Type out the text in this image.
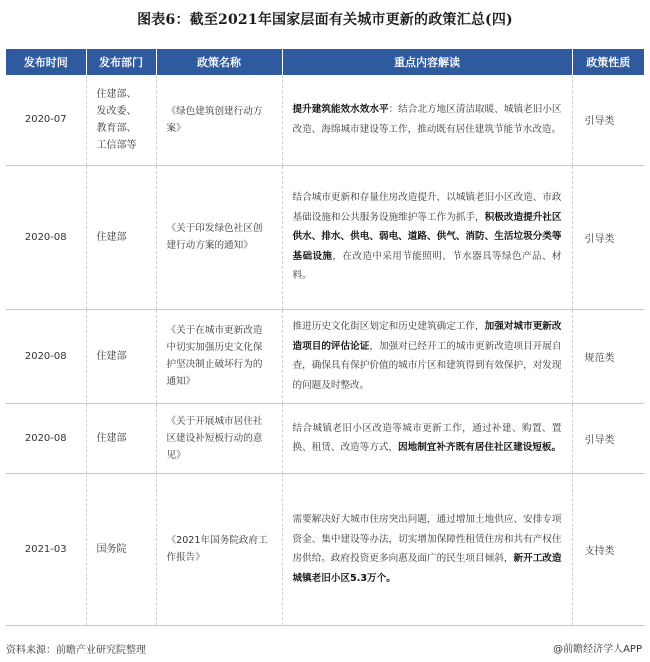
图表6：截至2021年国家层面有关城市更新的政策汇总(四)
发布时间	发布部门	政策名称	重点内容解读	政策性质
2020-07	住建部、
发改委、
教育部、
工信部等	《绿色建筑创建行动方案》	提升建筑能效水效水平：结合北方地区清洁取暖、城镇老旧小区改造、海绵城市建设等工作，推动既有居住建筑节能节水改造。	引导类
2020-08	住建部	《关于印发绿色社区创建行动方案的通知》	结合城市更新和存量住房改造提升，以城镇老旧小区改造、市政基础设施和公共服务设施维护等工作为抓手，积极改造提升社区供水、排水、供电、弱电、道路、供气、消防、生活垃圾分类等基础设施，在改造中采用节能照明、节水器具等绿色产品、材料。	引导类
2020-08	住建部	《关于在城市更新改造中切实加强历史文化保护坚决制止破坏行为的通知》	推进历史文化街区划定和历史建筑确定工作，加强对城市更新改造项目的评估论证，加强对已经开工的城市更新改造项目开展自查，确保具有保护价值的城市片区和建筑得到有效保护，对发现的问题及时整改。	规范类
2020-08	住建部	《关于开展城市居住社区建设补短板行动的意见》	结合城镇老旧小区改造等城市更新工作，通过补建、购置、置换、租赁、改造等方式，因地制宜补齐既有居住社区建设短板。	引导类
2021-03	国务院	《2021年国务院政府工作报告》	需要解决好大城市住房突出问题，通过增加土地供应、安排专项资金、集中建设等办法，切实增加保障性租赁住房和共有产权住房供给。政府投资更多向惠及面广的民生项目倾斜，新开工改造城镇老旧小区5.3万个。	支持类
资料来源：前瞻产业研究院整理	@前瞻经济学人APP
